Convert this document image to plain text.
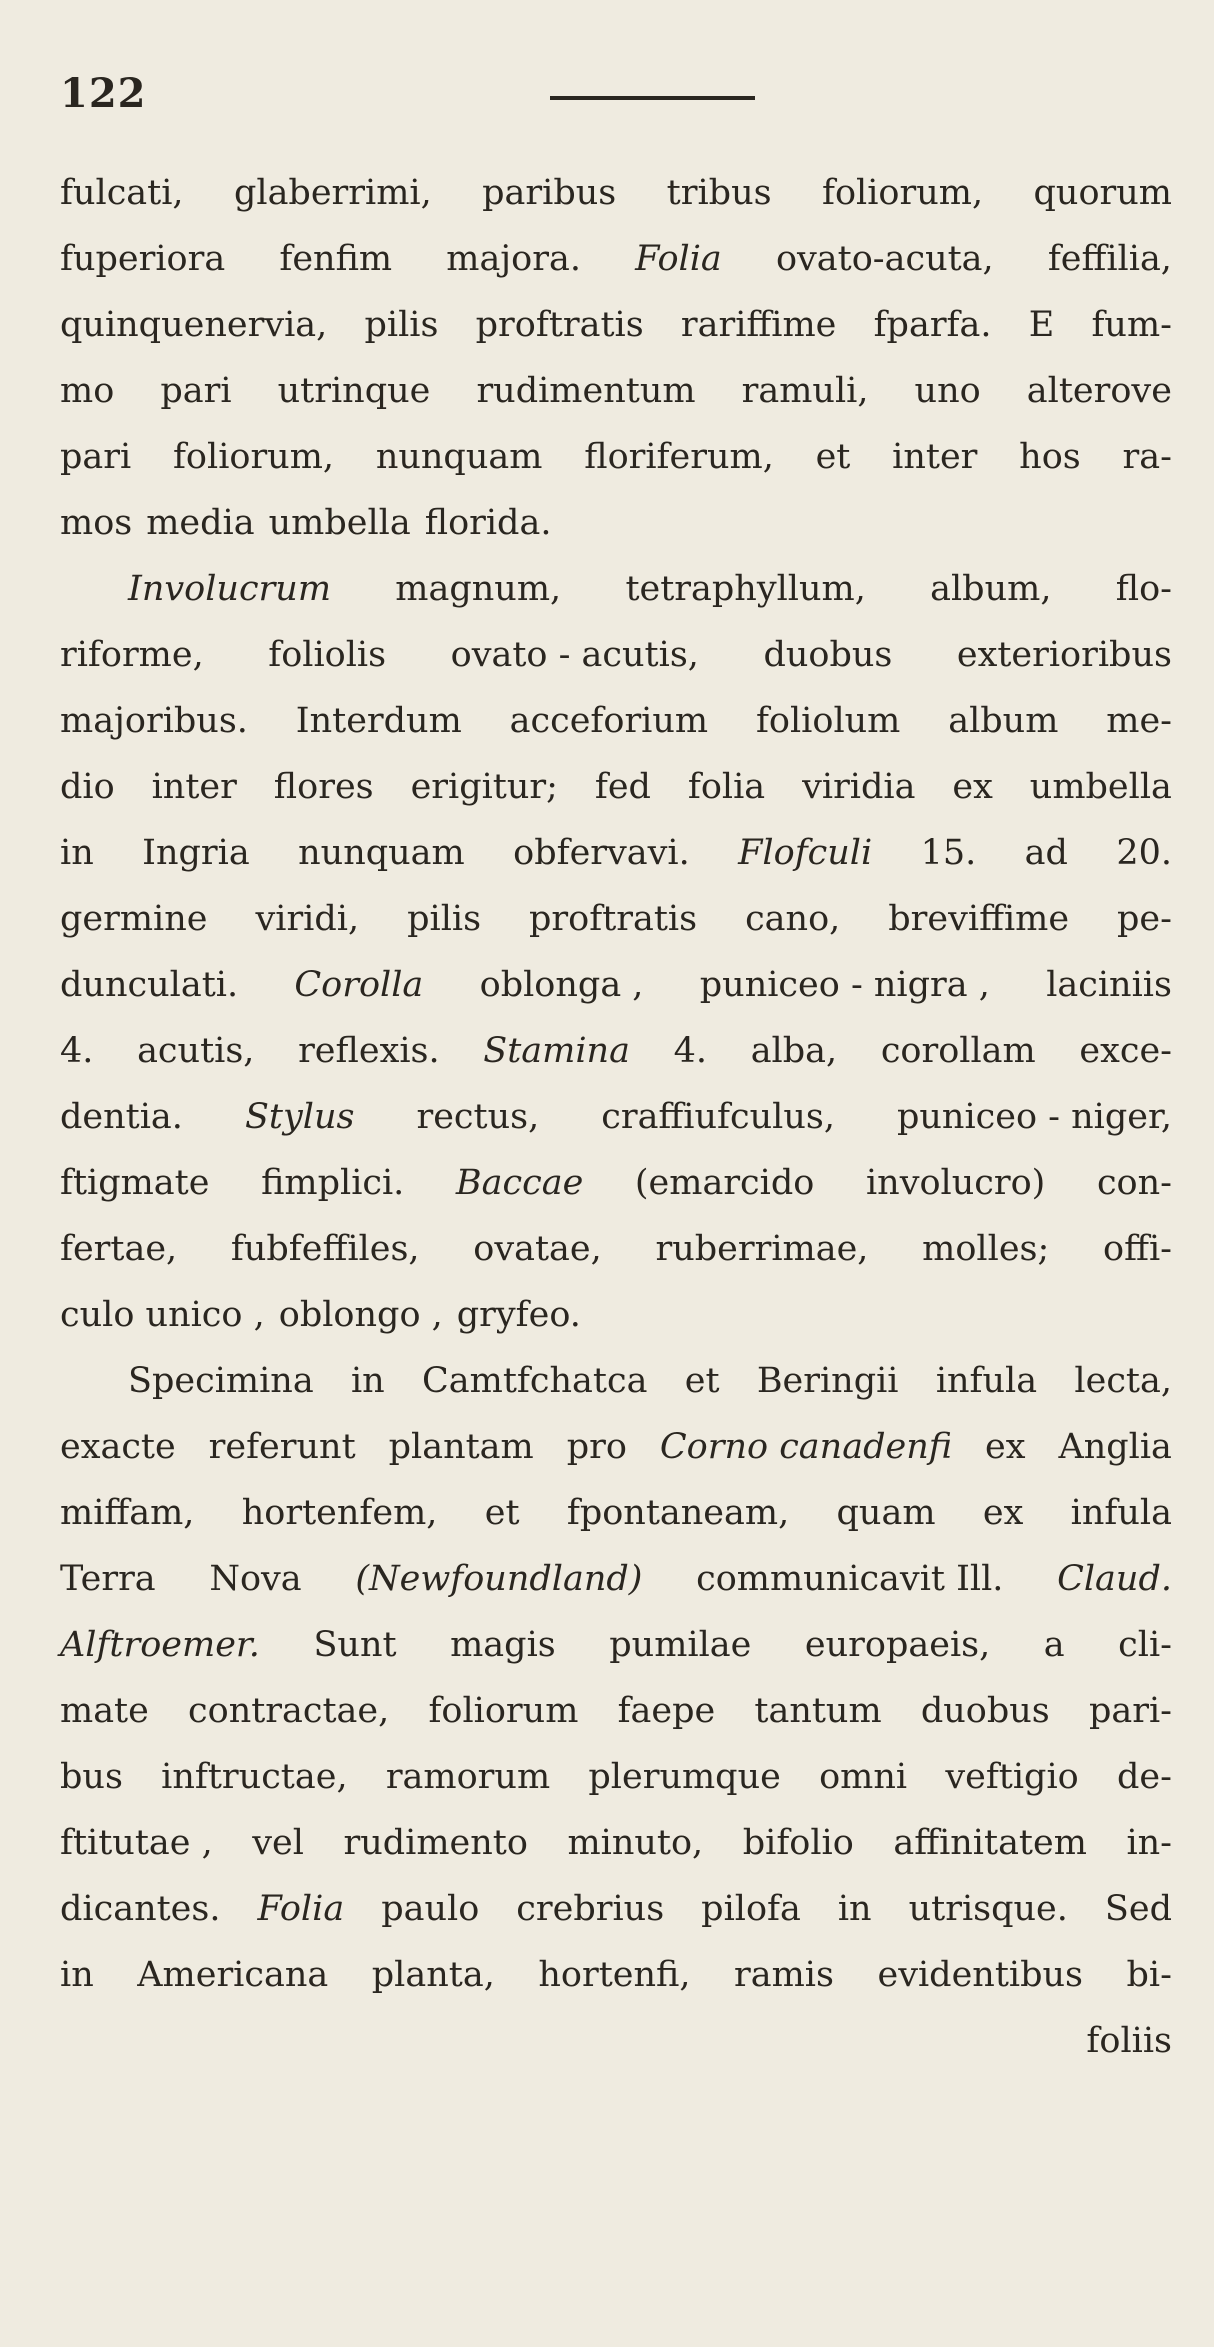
122
fulcati, glaberrimi, paribus tribus foliorum, quorum
fuperiora fenfim majora. Folia ovato-acuta, feffilia,
quinquenervia, pilis proftratis rariffime fparfa. E fum-
mo pari utrinque rudimentum ramuli, uno alterove
pari foliorum, nunquam floriferum, et inter hos ra-
mos media umbella florida.
Involucrum magnum, tetraphyllum, album, flo-
riforme, foliolis ovato - acutis, duobus exterioribus
majoribus. Interdum acceforium foliolum album me-
dio inter flores erigitur; fed folia viridia ex umbella
in Ingria nunquam obfervavi. Flofculi 15. ad 20.
germine viridi, pilis proftratis cano, breviffime pe-
dunculati. Corolla oblonga , puniceo - nigra , laciniis
4. acutis, reflexis. Stamina 4. alba, corollam exce-
dentia. Stylus rectus, craffiufculus, puniceo - niger,
ftigmate fimplici. Baccae (emarcido involucro) con-
fertae, fubfeffiles, ovatae, ruberrimae, molles; offi-
culo unico , oblongo , gryfeo.
Specimina in Camtfchatca et Beringii infula lecta,
exacte referunt plantam pro Corno canadenfi ex Anglia
miffam, hortenfem, et fpontaneam, quam ex infula
Terra Nova (Newfoundland) communicavit Ill. Claud.
Alftroemer. Sunt magis pumilae europaeis, a cli-
mate contractae, foliorum faepe tantum duobus pari-
bus inftructae, ramorum plerumque omni veftigio de-
ftitutae , vel rudimento minuto, bifolio affinitatem in-
dicantes. Folia paulo crebrius pilofa in utrisque. Sed
in Americana planta, hortenfi, ramis evidentibus bi-
foliis
